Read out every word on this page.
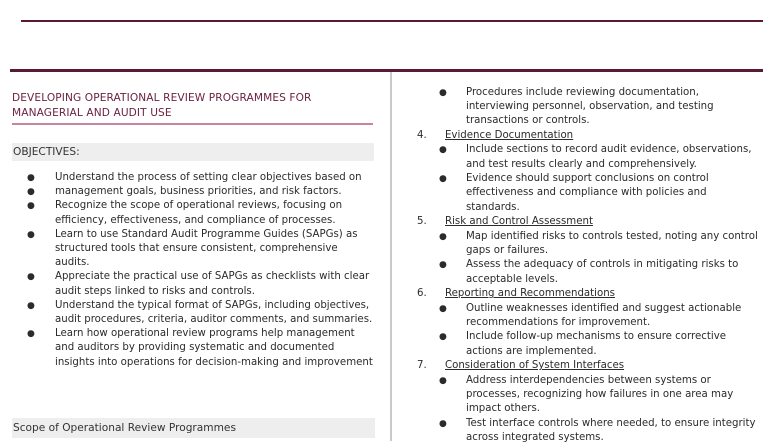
DEVELOPING OPERATIONAL REVIEW PROGRAMMES FOR
MANAGERIAL AND AUDIT USE
OBJECTIVES:
● Understand the process of setting clear objectives based on
● management goals, business priorities, and risk factors.
● Recognize the scope of operational reviews, focusing on efficiency, effectiveness, and compliance of processes.
● Learn to use Standard Audit Programme Guides (SAPGs) as structured tools that ensure consistent, comprehensive audits.
● Appreciate the practical use of SAPGs as checklists with clear audit steps linked to risks and controls.
● Understand the typical format of SAPGs, including objectives, audit procedures, criteria, auditor comments, and summaries.
● Learn how operational review programs help management and auditors by providing systematic and documented insights into operations for decision-making and improvement
Scope of Operational Review Programmes
● Procedures include reviewing documentation, interviewing personnel, observation, and testing transactions or controls.
4. Evidence Documentation
● Include sections to record audit evidence, observations, and test results clearly and comprehensively.
● Evidence should support conclusions on control effectiveness and compliance with policies and standards.
5. Risk and Control Assessment
● Map identified risks to controls tested, noting any control gaps or failures.
● Assess the adequacy of controls in mitigating risks to acceptable levels.
6. Reporting and Recommendations
● Outline weaknesses identified and suggest actionable recommendations for improvement.
● Include follow-up mechanisms to ensure corrective actions are implemented.
7. Consideration of System Interfaces
● Address interdependencies between systems or processes, recognizing how failures in one area may impact others.
● Test interface controls where needed, to ensure integrity across integrated systems.
